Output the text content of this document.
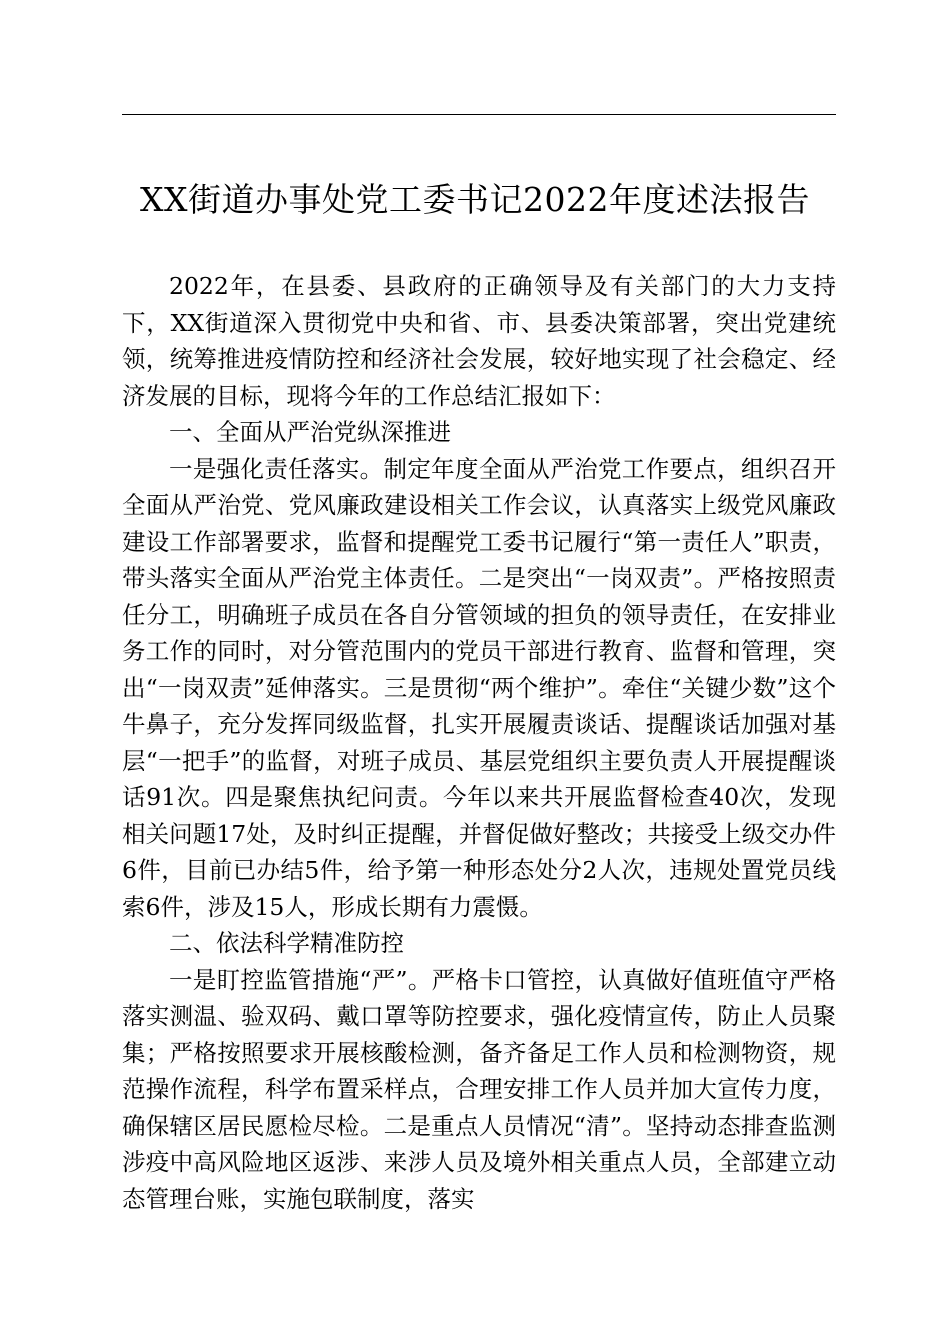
XX街道办事处党工委书记2022年度述法报告

2022年，在县委、县政府的正确领导及有关部门的大力支持下，XX街道深入贯彻党中央和省、市、县委决策部署，突出党建统领，统筹推进疫情防控和经济社会发展，较好地实现了社会稳定、经济发展的目标，现将今年的工作总结汇报如下：

一、全面从严治党纵深推进

一是强化责任落实。制定年度全面从严治党工作要点，组织召开全面从严治党、党风廉政建设相关工作会议，认真落实上级党风廉政建设工作部署要求，监督和提醒党工委书记履行“第一责任人”职责，带头落实全面从严治党主体责任。二是突出“一岗双责”。严格按照责任分工，明确班子成员在各自分管领域的担负的领导责任，在安排业务工作的同时，对分管范围内的党员干部进行教育、监督和管理，突出“一岗双责”延伸落实。三是贯彻“两个维护”。牵住“关键少数”这个牛鼻子，充分发挥同级监督，扎实开展履责谈话、提醒谈话加强对基层“一把手”的监督，对班子成员、基层党组织主要负责人开展提醒谈话91次。四是聚焦执纪问责。今年以来共开展监督检查40次，发现相关问题17处，及时纠正提醒，并督促做好整改；共接受上级交办件6件，目前已办结5件，给予第一种形态处分2人次，违规处置党员线索6件，涉及15人，形成长期有力震慑。

二、依法科学精准防控

一是盯控监管措施“严”。严格卡口管控，认真做好值班值守严格落实测温、验双码、戴口罩等防控要求，强化疫情宣传，防止人员聚集；严格按照要求开展核酸检测，备齐备足工作人员和检测物资，规范操作流程，科学布置采样点，合理安排工作人员并加大宣传力度，确保辖区居民愿检尽检。二是重点人员情况“清”。坚持动态排查监测涉疫中高风险地区返涉、来涉人员及境外相关重点人员，全部建立动态管理台账，实施包联制度，落实
